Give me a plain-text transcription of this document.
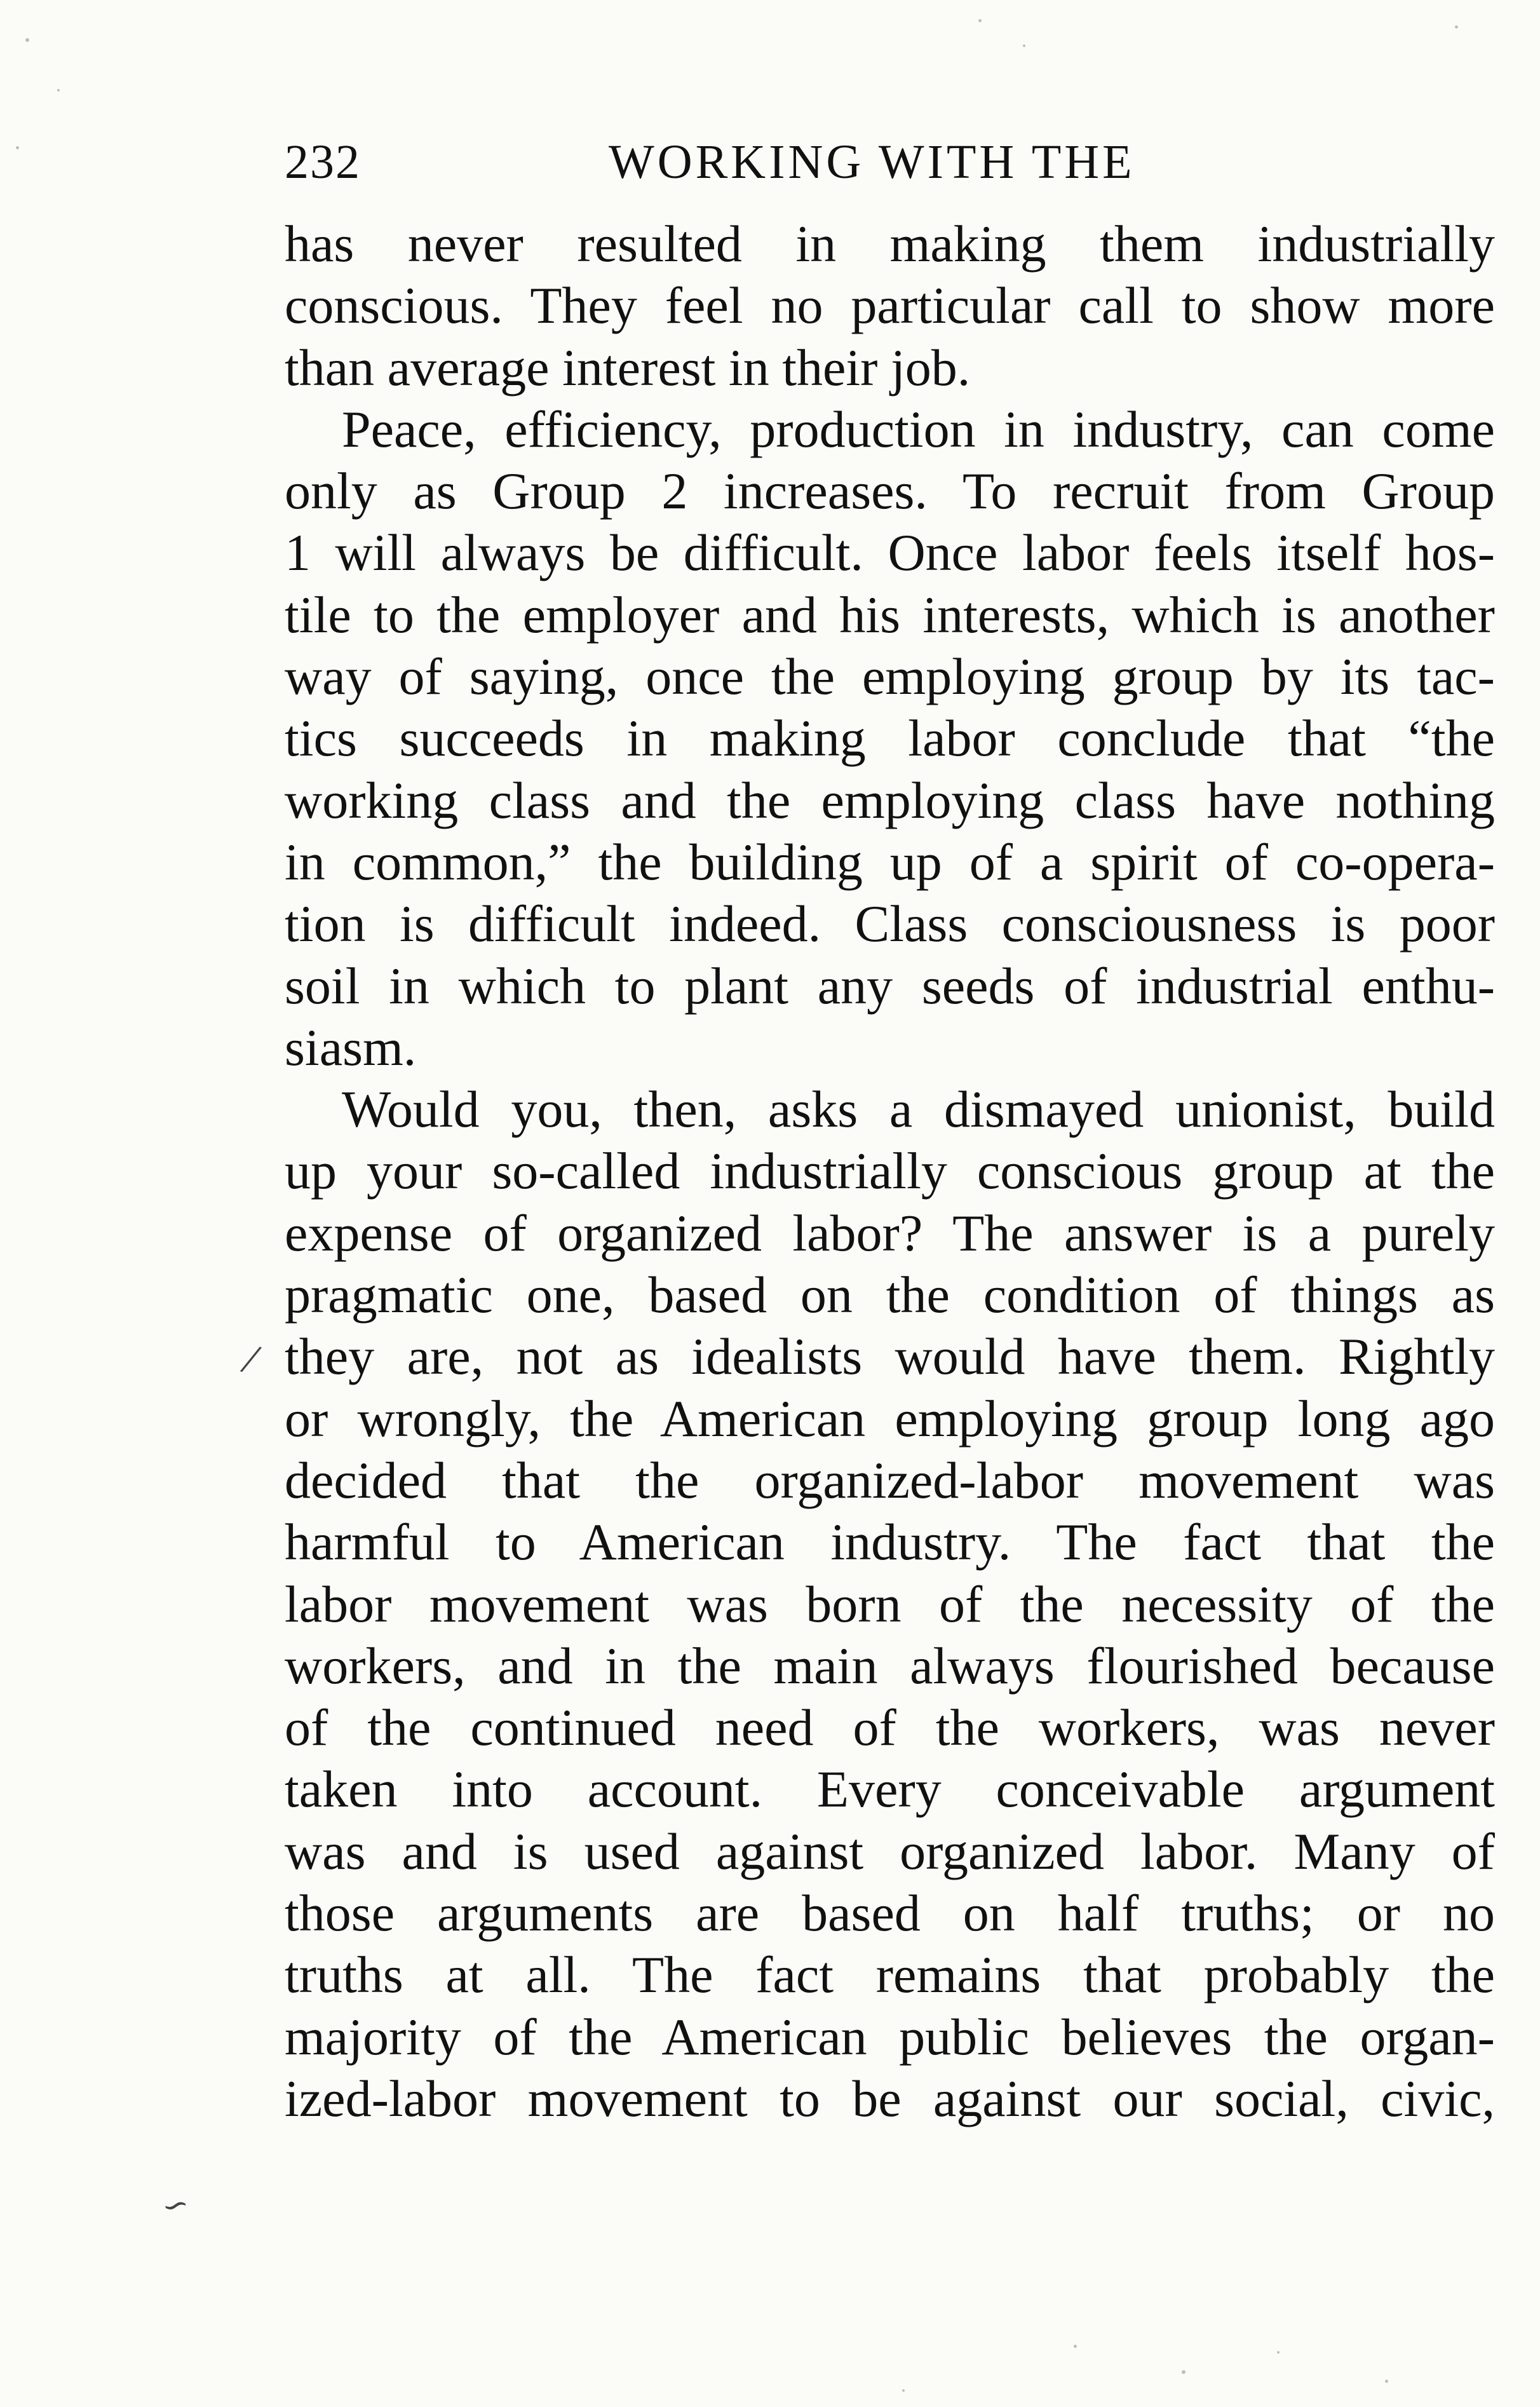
232	WORKING WITH THE
has never resulted in making them industrially
conscious. They feel no particular call to show more
than average interest in their job.
Peace, efficiency, production in industry, can come
only as Group 2 increases. To recruit from Group
1 will always be difficult. Once labor feels itself hos-
tile to the employer and his interests, which is another
way of saying, once the employing group by its tac-
tics succeeds in making labor conclude that “the
working class and the employing class have nothing
in common,” the building up of a spirit of co-opera-
tion is difficult indeed. Class consciousness is poor
soil in which to plant any seeds of industrial enthu-
siasm.
Would you, then, asks a dismayed unionist, build
up your so-called industrially conscious group at the
expense of organized labor? The answer is a purely
pragmatic one, based on the condition of things as
they are, not as idealists would have them. Rightly
or wrongly, the American employing group long ago
decided that the organized-labor movement was
harmful to American industry. The fact that the
labor movement was born of the necessity of the
workers, and in the main always flourished because
of the continued need of the workers, was never
taken into account. Every conceivable argument
was and is used against organized labor. Many of
those arguments are based on half truths; or no
truths at all. The fact remains that probably the
majority of the American public believes the organ-
ized-labor movement to be against our social, civic,
/
∽
